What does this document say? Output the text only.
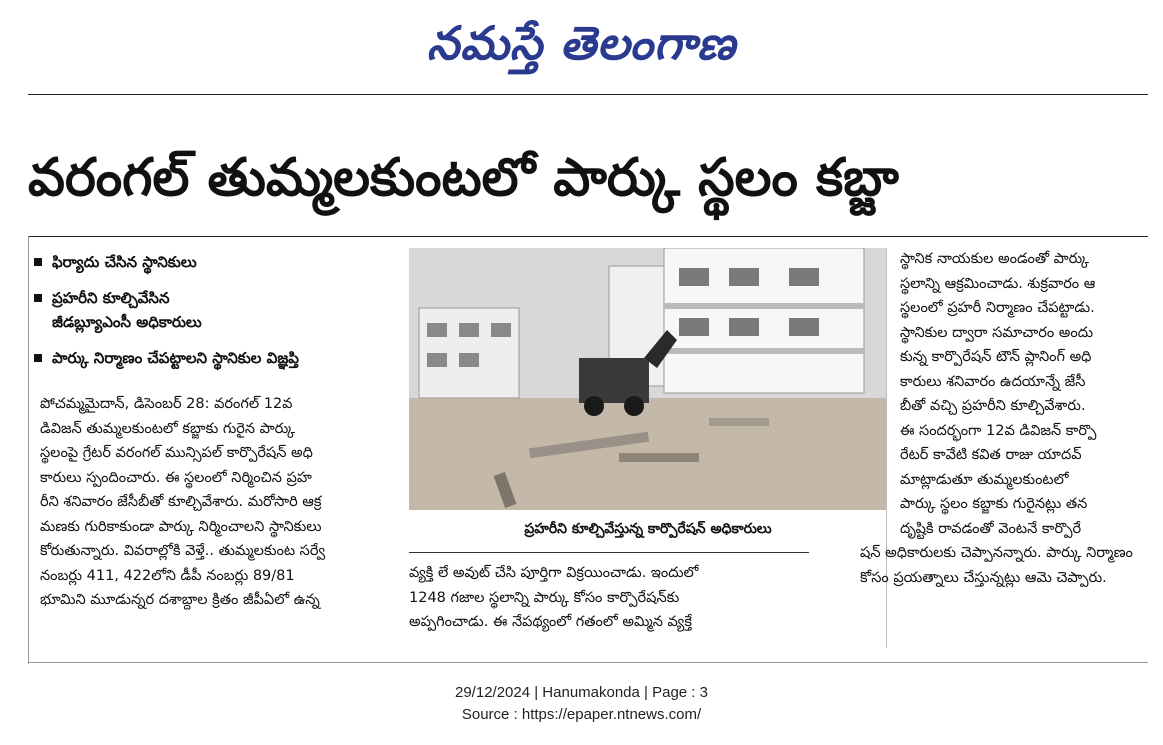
నమస్తే తెలంగాణ
వరంగల్ తుమ్మలకుంటలో పార్కు స్థలం కబ్జా
ఫిర్యాదు చేసిన స్థానికులు
ప్రహరీని కూల్చివేసిన
జీడబ్ల్యూఎంసీ అధికారులు
పార్కు నిర్మాణం చేపట్టాలని స్థానికుల విజ్ఞప్తి

పోచమ్మమైదాన్, డిసెంబర్ 28: వరంగల్ 12వ

డివిజన్ తుమ్మలకుంటలో కబ్జాకు గురైన పార్కు

స్థలంపై గ్రేటర్ వరంగల్ మున్సిపల్ కార్పొరేషన్ అధి

కారులు స్పందించారు. ఈ స్థలంలో నిర్మించిన ప్రహ

రీని శనివారం జేసీబీతో కూల్చివేశారు. మరోసారి ఆక్ర

మణకు గురికాకుండా పార్కు నిర్మించాలని స్థానికులు

కోరుతున్నారు. వివరాల్లోకి వెళ్తే.. తుమ్మలకుంట సర్వే

నంబర్లు 411, 422లోని డీపీ నంబర్లు 89/81

భూమిని మూడున్నర దశాబ్దాల క్రితం జీపీఏలో ఉన్న

ప్రహరీని కూల్చివేస్తున్న కార్పొరేషన్ అధికారులు

వ్యక్తి లే అవుట్ చేసి పూర్తిగా విక్రయించాడు. ఇందులో

1248 గజాల స్థలాన్ని పార్కు కోసం కార్పొరేషన్‌కు

అప్పగించాడు. ఈ నేపథ్యంలో గతంలో అమ్మిన వ్యక్తే

స్థానిక నాయకుల అండంతో పార్కు

స్థలాన్ని ఆక్రమించాడు. శుక్రవారం ఆ

స్థలంలో ప్రహరీ నిర్మాణం చేపట్టాడు.

స్థానికుల ద్వారా సమాచారం అందు

కున్న కార్పొరేషన్ టౌన్ ప్లానింగ్ అధి

కారులు శనివారం ఉదయాన్నే జేసీ

బీతో వచ్చి ప్రహరీని కూల్చివేశారు.

ఈ సందర్భంగా 12వ డివిజన్ కార్పొ

రేటర్ కావేటి కవిత రాజు యాదవ్

మాట్లాడుతూ తుమ్మలకుంటలో

పార్కు స్థలం కబ్జాకు గురైనట్లు తన

దృష్టికి రావడంతో వెంటనే కార్పొరే

షన్ అధికారులకు చెప్పానన్నారు. పార్కు నిర్మాణం

కోసం ప్రయత్నాలు చేస్తున్నట్లు ఆమె చెప్పారు.

29/12/2024 | Hanumakonda | Page : 3
Source : https://epaper.ntnews.com/
